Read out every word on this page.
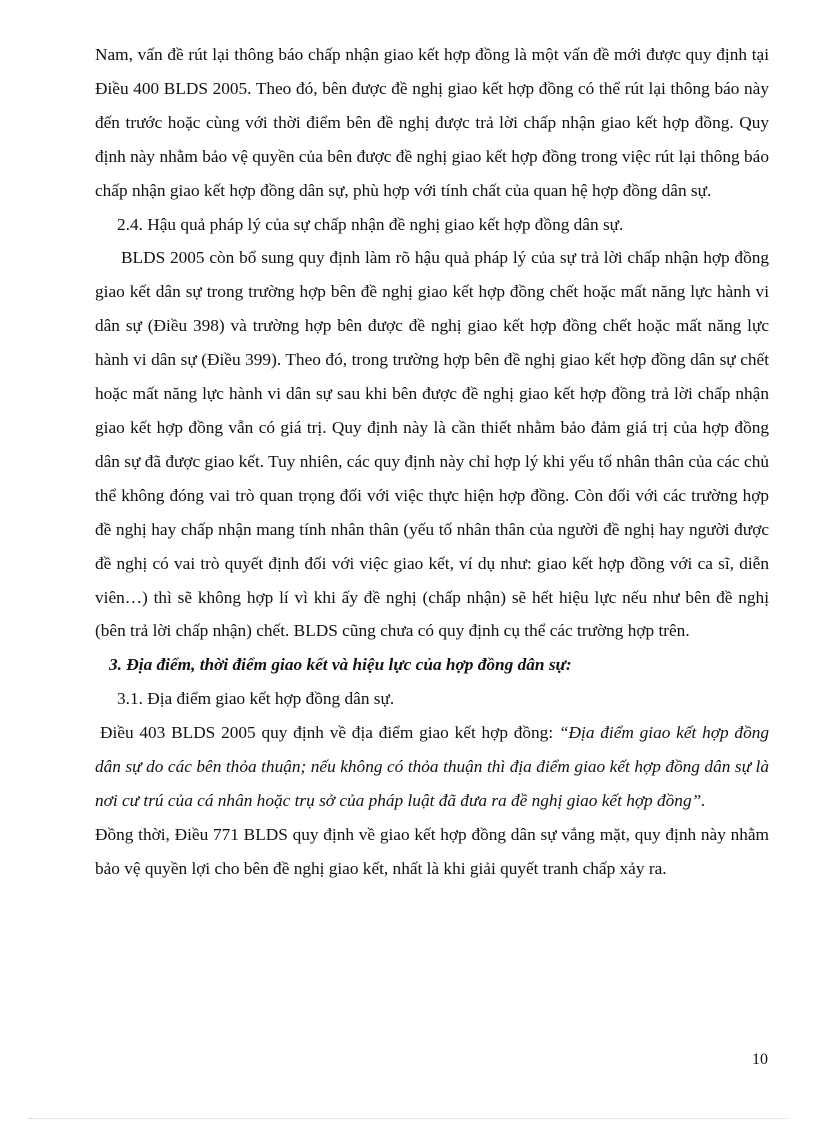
Nam, vấn đề rút lại thông báo chấp nhận giao kết hợp đồng là một vấn đề mới được quy định tại Điều 400 BLDS 2005. Theo đó, bên được đề nghị giao kết hợp đồng có thể rút lại thông báo này đến trước hoặc cùng với thời điểm bên đề nghị được trả lời chấp nhận giao kết hợp đồng. Quy định này nhằm bảo vệ quyền của bên được đề nghị giao kết hợp đồng trong việc rút lại thông báo chấp nhận giao kết hợp đồng dân sự, phù hợp với tính chất của quan hệ hợp đồng dân sự.

2.4. Hậu quả pháp lý của sự chấp nhận đề nghị giao kết hợp đồng dân sự.

BLDS 2005 còn bổ sung quy định làm rõ hậu quả pháp lý của sự trả lời chấp nhận hợp đồng giao kết dân sự trong trường hợp bên đề nghị giao kết hợp đồng chết hoặc mất năng lực hành vi dân sự (Điều 398) và trường hợp bên được đề nghị giao kết hợp đồng chết hoặc mất năng lực hành vi dân sự (Điều 399). Theo đó, trong trường hợp bên đề nghị giao kết hợp đồng dân sự chết hoặc mất năng lực hành vi dân sự sau khi bên được đề nghị giao kết hợp đồng trả lời chấp nhận giao kết hợp đồng vẫn có giá trị. Quy định này là cần thiết nhằm bảo đảm giá trị của hợp đồng dân sự đã được giao kết. Tuy nhiên, các quy định này chỉ hợp lý khi yếu tố nhân thân của các chủ thể không đóng vai trò quan trọng đối với việc thực hiện hợp đồng. Còn đối với các trường hợp đề nghị hay chấp nhận mang tính nhân thân (yếu tố nhân thân của người đề nghị hay người được đề nghị có vai trò quyết định đối với việc giao kết, ví dụ như: giao kết hợp đồng với ca sĩ, diễn viên…) thì sẽ không hợp lí vì khi ấy đề nghị (chấp nhận) sẽ hết hiệu lực nếu như bên đề nghị (bên trả lời chấp nhận) chết. BLDS cũng chưa có quy định cụ thể các trường hợp trên.

3. Địa điểm, thời điểm giao kết và hiệu lực của hợp đồng dân sự:

3.1. Địa điểm giao kết hợp đồng dân sự.

Điều 403 BLDS 2005 quy định về địa điểm giao kết hợp đồng: “Địa điểm giao kết hợp đồng dân sự do các bên thỏa thuận; nếu không có thỏa thuận thì địa điểm giao kết hợp đồng dân sự là nơi cư trú của cá nhân hoặc trụ sở của pháp luật đã đưa ra đề nghị giao kết hợp đồng”.

Đồng thời, Điều 771 BLDS quy định về giao kết hợp đồng dân sự vắng mặt, quy định này nhằm bảo vệ quyền lợi cho bên đề nghị giao kết, nhất là khi giải quyết tranh chấp xảy ra.

10
